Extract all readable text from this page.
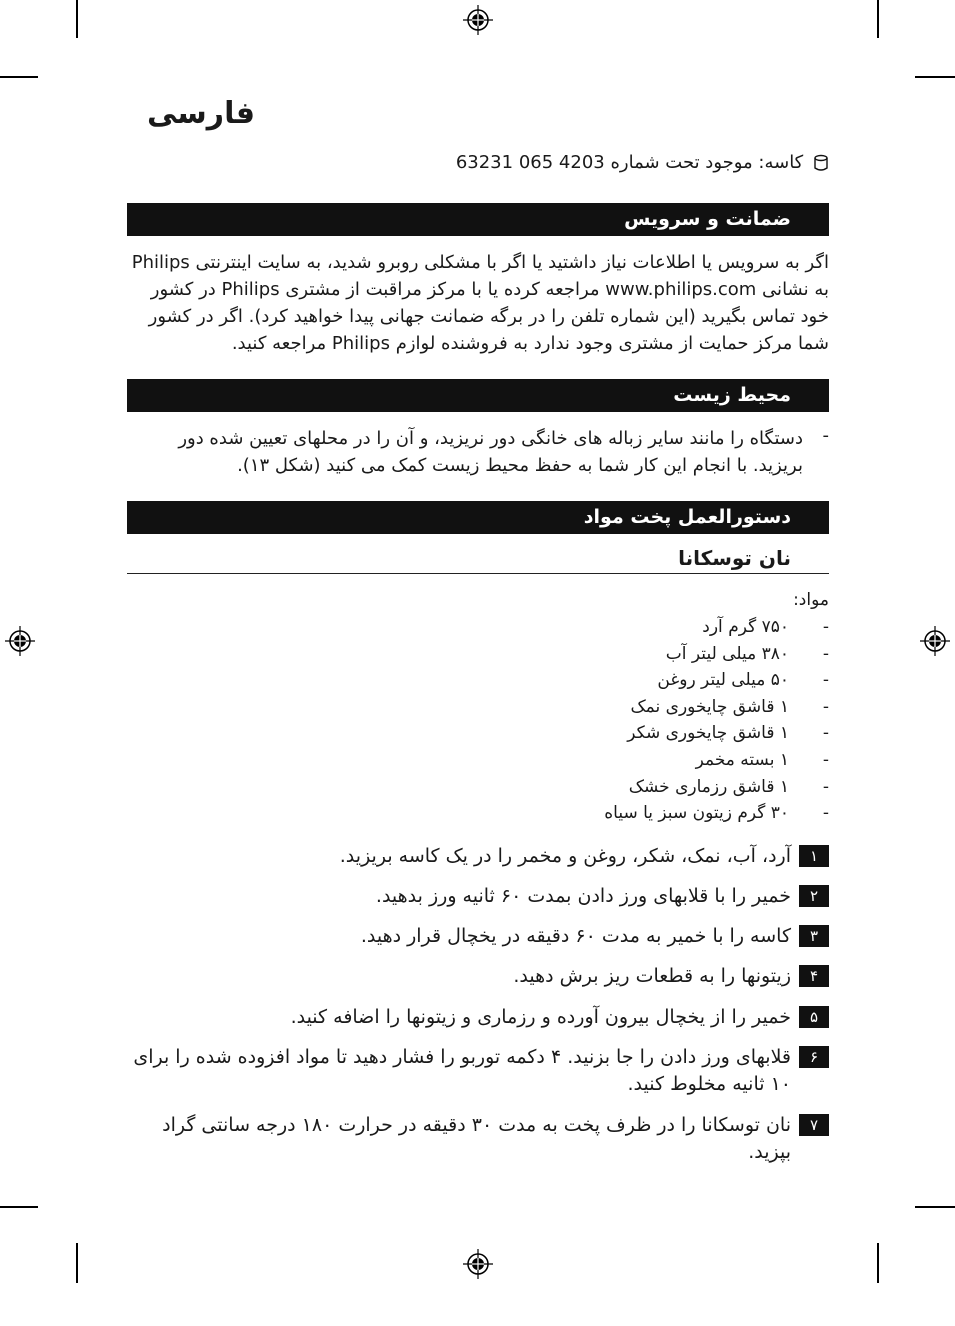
فارسی
کاسه: موجود تحت شماره 4203 065 63231
ضمانت و سرویس

اگر به سرویس یا اطلاعات نیاز داشتید یا اگر با مشکلی روبرو شدید، به سایت اینترنتی Philips به نشانی www.philips.com مراجعه کرده یا با مرکز مراقبت از مشتری Philips در کشور خود تماس بگیرید (این شماره تلفن را در برگه ضمانت جهانی پیدا خواهید کرد). اگر در کشور شما مرکز حمایت از مشتری وجود ندارد به فروشنده لوازم Philips مراجعه کنید.

محیط زیست
-

دستگاه را مانند سایر زباله های خانگی دور نریزید، و آن را در محلهای تعیین شده دور بریزید. با انجام این کار شما به حفظ محیط زیست کمک می کنید (شکل ۱۳).

دستورالعمل پخت مواد
نان توسکانا
مواد:
-
۷۵۰ گرم آرد
-
۳۸۰ میلی لیتر آب
-
۵۰ میلی لیتر روغن
-
۱ قاشق چایخوری نمک
-
۱ قاشق چایخوری شکر
-
۱ بسته مخمر
-
۱ قاشق رزماری خشک
-
۳۰ گرم زیتون سبز یا سیاه
۱
آرد، آب، نمک، شکر، روغن و مخمر را در یک کاسه بریزید.
۲
خمیر را با قلابهای ورز دادن بمدت ۶۰ ثانیه ورز بدهید.
۳
کاسه را با خمیر به مدت ۶۰ دقیقه در یخچال قرار دهید.
۴
زیتونها را به قطعات ریز برش دهید.
۵
خمیر را از یخچال بیرون آورده و رزماری و زیتونها را اضافه کنید.
۶
قلابهای ورز دادن را جا بزنید. ۴ دکمه توربو را فشار دهید تا مواد افزوده شده را برای ۱۰ ثانیه مخلوط کنید.
۷
نان توسکانا را در ظرف پخت به مدت ۳۰ دقیقه در حرارت ۱۸۰ درجه سانتی گراد بپزید.
